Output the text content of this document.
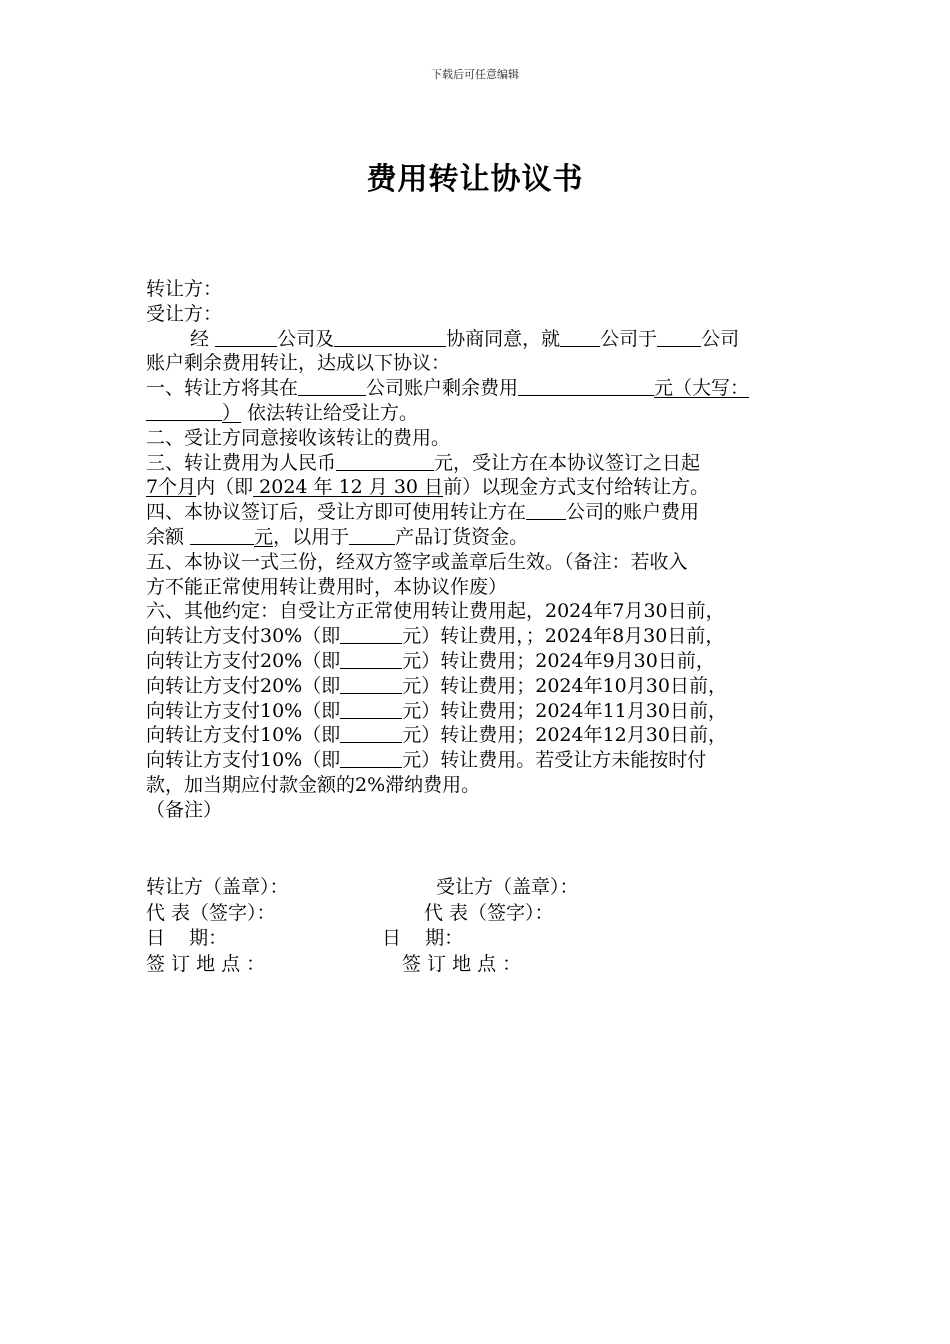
下载后可任意编辑
费用转让协议书
转让方：
受让方：
经	公司及	协商同意，就 公司于 公司
账户剩余费用转让，达成以下协议：
一、转让方将其在	公司账户剩余费用	元（大写：
） 依法转让给受让方。
二、受让方同意接收该转让的费用。
三、转让费用为人民币	元，受让方在本协议签订之日起
7个月内（即 2024 年 12 月 30 日前）以现金方式支付给转让方。
四、本协议签订后，受让方即可使用转让方在 公司的账户费用
余额	元，以用于 产品订货资金。
五、本协议一式三份，经双方签字或盖章后生效。（备注：若收入
方不能正常使用转让费用时，本协议作废）
六、其他约定：自受让方正常使用转让费用起，2024年7月30日前，
向转让方支付30%（即	元）转让费用，；2024年8月30日前，
向转让方支付20%（即	元）转让费用；2024年9月30日前，
向转让方支付20%（即	元）转让费用；2024年10月30日前，
向转让方支付10%（即	元）转让费用；2024年11月30日前，
向转让方支付10%（即	元）转让费用；2024年12月30日前，
向转让方支付10%（即	元）转让费用。若受让方未能按时付
款，加当期应付款金额的2%滞纳费用。
（备注）
转让方（盖章）：	受让方（盖章）：
代 表（签字）：	代 表（签字）：
日    期：	日    期：
签 订 地 点 ：	签 订 地 点 ：
